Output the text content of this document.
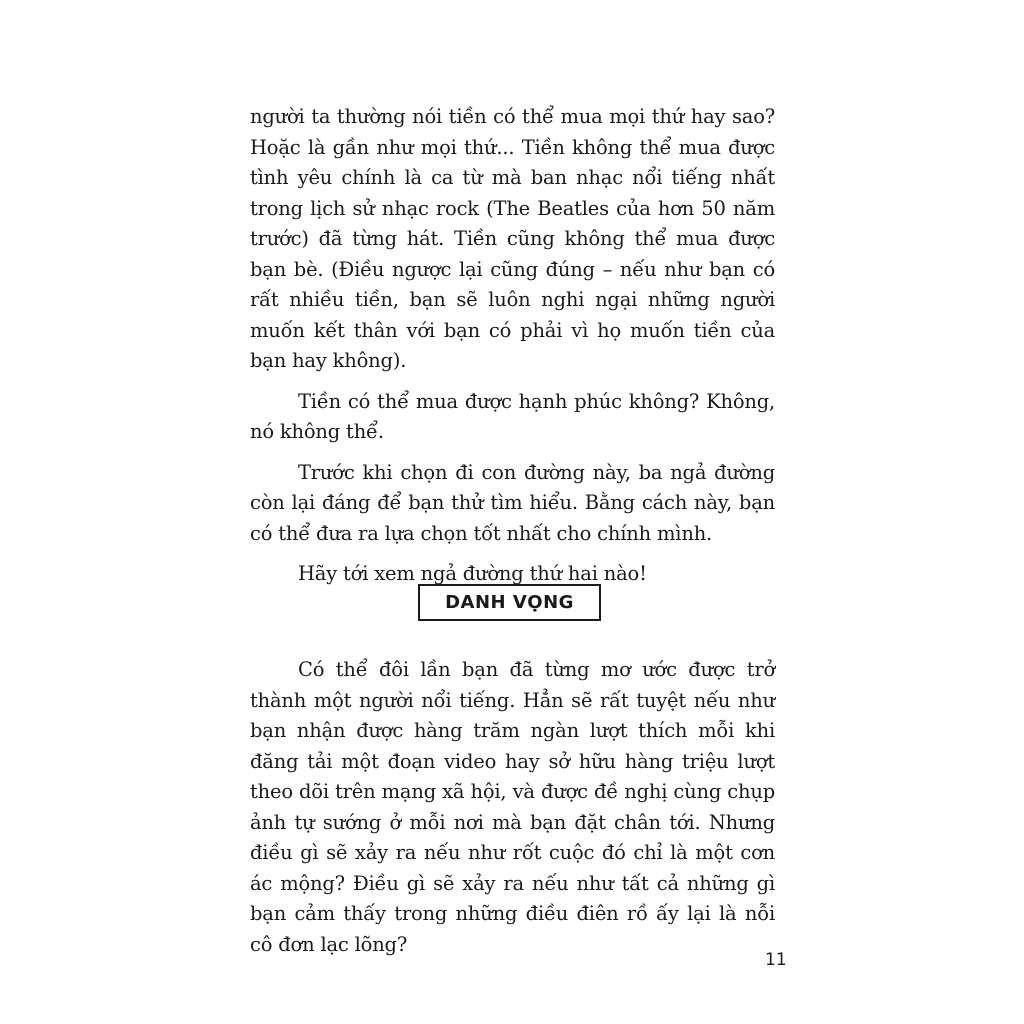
người ta thường nói tiền có thể mua mọi thứ hay sao? Hoặc là gần như mọi thứ... Tiền không thể mua được tình yêu chính là ca từ mà ban nhạc nổi tiếng nhất trong lịch sử nhạc rock (The Beatles của hơn 50 năm trước) đã từng hát. Tiền cũng không thể mua được bạn bè. (Điều ngược lại cũng đúng – nếu như bạn có rất nhiều tiền, bạn sẽ luôn nghi ngại những người muốn kết thân với bạn có phải vì họ muốn tiền của bạn hay không).

Tiền có thể mua được hạnh phúc không? Không, nó không thể.

Trước khi chọn đi con đường này, ba ngả đường còn lại đáng để bạn thử tìm hiểu. Bằng cách này, bạn có thể đưa ra lựa chọn tốt nhất cho chính mình.

Hãy tới xem ngả đường thứ hai nào!

DANH VỌNG

Có thể đôi lần bạn đã từng mơ ước được trở thành một người nổi tiếng. Hẳn sẽ rất tuyệt nếu như bạn nhận được hàng trăm ngàn lượt thích mỗi khi đăng tải một đoạn video hay sở hữu hàng triệu lượt theo dõi trên mạng xã hội, và được đề nghị cùng chụp ảnh tự sướng ở mỗi nơi mà bạn đặt chân tới. Nhưng điều gì sẽ xảy ra nếu như rốt cuộc đó chỉ là một cơn ác mộng? Điều gì sẽ xảy ra nếu như tất cả những gì bạn cảm thấy trong những điều điên rồ ấy lại là nỗi cô đơn lạc lõng?

11
